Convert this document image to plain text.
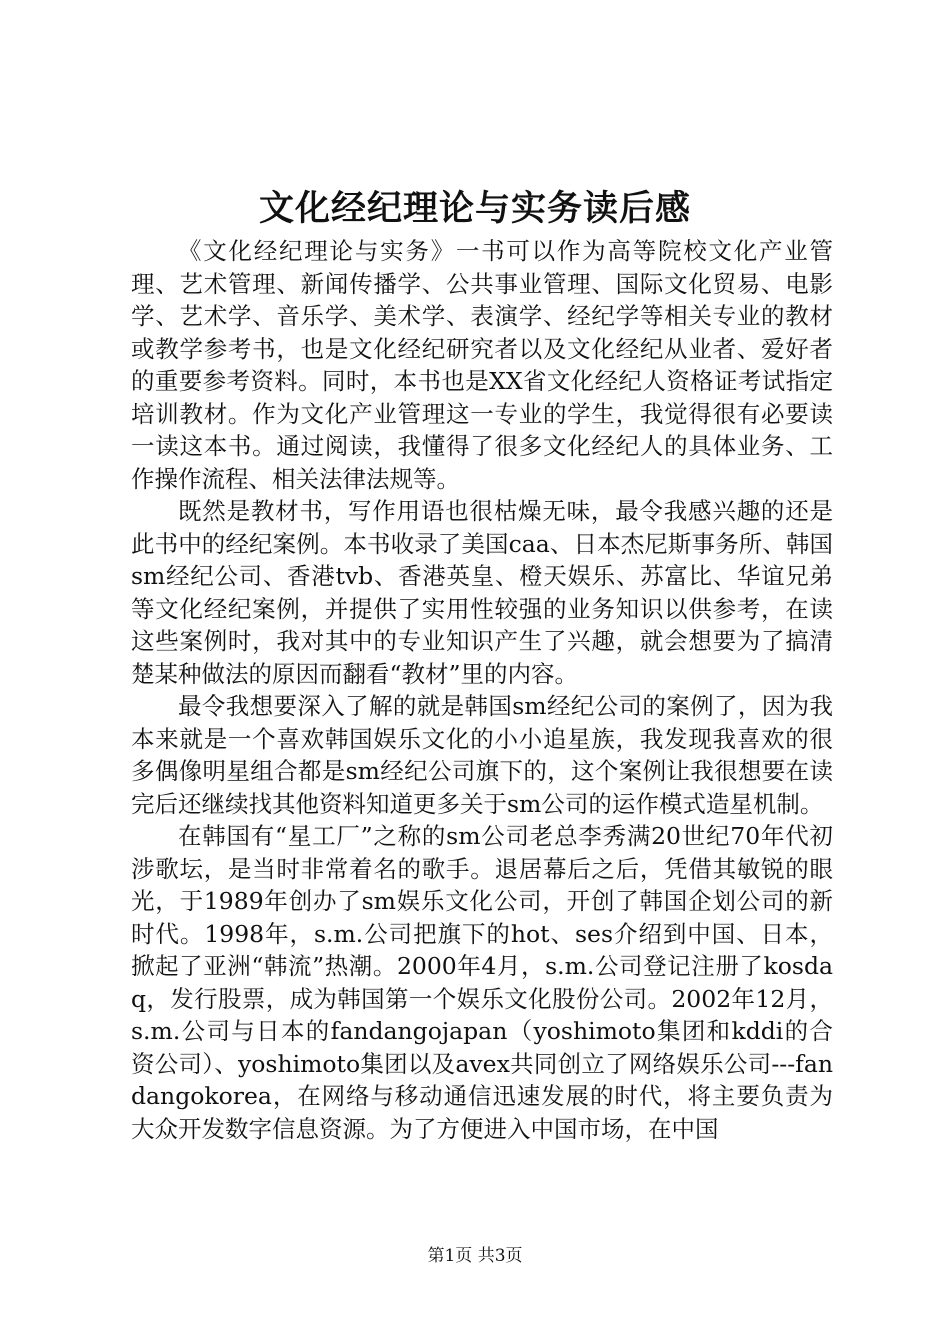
文化经纪理论与实务读后感

《文化经纪理论与实务》一书可以作为高等院校文化产业管理、艺术管理、新闻传播学、公共事业管理、国际文化贸易、电影学、艺术学、音乐学、美术学、表演学、经纪学等相关专业的教材或教学参考书，也是文化经纪研究者以及文化经纪从业者、爱好者的重要参考资料。同时，本书也是XX省文化经纪人资格证考试指定培训教材。作为文化产业管理这一专业的学生，我觉得很有必要读一读这本书。通过阅读，我懂得了很多文化经纪人的具体业务、工作操作流程、相关法律法规等。

既然是教材书，写作用语也很枯燥无味，最令我感兴趣的还是此书中的经纪案例。本书收录了美国caa、日本杰尼斯事务所、韩国sm经纪公司、香港tvb、香港英皇、橙天娱乐、苏富比、华谊兄弟等文化经纪案例，并提供了实用性较强的业务知识以供参考，在读这些案例时，我对其中的专业知识产生了兴趣，就会想要为了搞清楚某种做法的原因而翻看“教材”里的内容。

最令我想要深入了解的就是韩国sm经纪公司的案例了，因为我本来就是一个喜欢韩国娱乐文化的小小追星族，我发现我喜欢的很多偶像明星组合都是sm经纪公司旗下的，这个案例让我很想要在读完后还继续找其他资料知道更多关于sm公司的运作模式造星机制。

在韩国有“星工厂”之称的sm公司老总李秀满20世纪70年代初涉歌坛，是当时非常着名的歌手。退居幕后之后，凭借其敏锐的眼光，于1989年创办了sm娱乐文化公司，开创了韩国企划公司的新时代。1998年，s.m.公司把旗下的hot、ses介绍到中国、日本，掀起了亚洲“韩流”热潮。2000年4月，s.m.公司登记注册了kosdaq，发行股票，成为韩国第一个娱乐文化股份公司。2002年12月，s.m.公司与日本的fandangojapan（yoshimoto集团和kddi的合资公司）、yoshimoto集团以及avex共同创立了网络娱乐公司---fandangokorea，在网络与移动通信迅速发展的时代，将主要负责为大众开发数字信息资源。为了方便进入中国市场，在中国

第1页 共3页
